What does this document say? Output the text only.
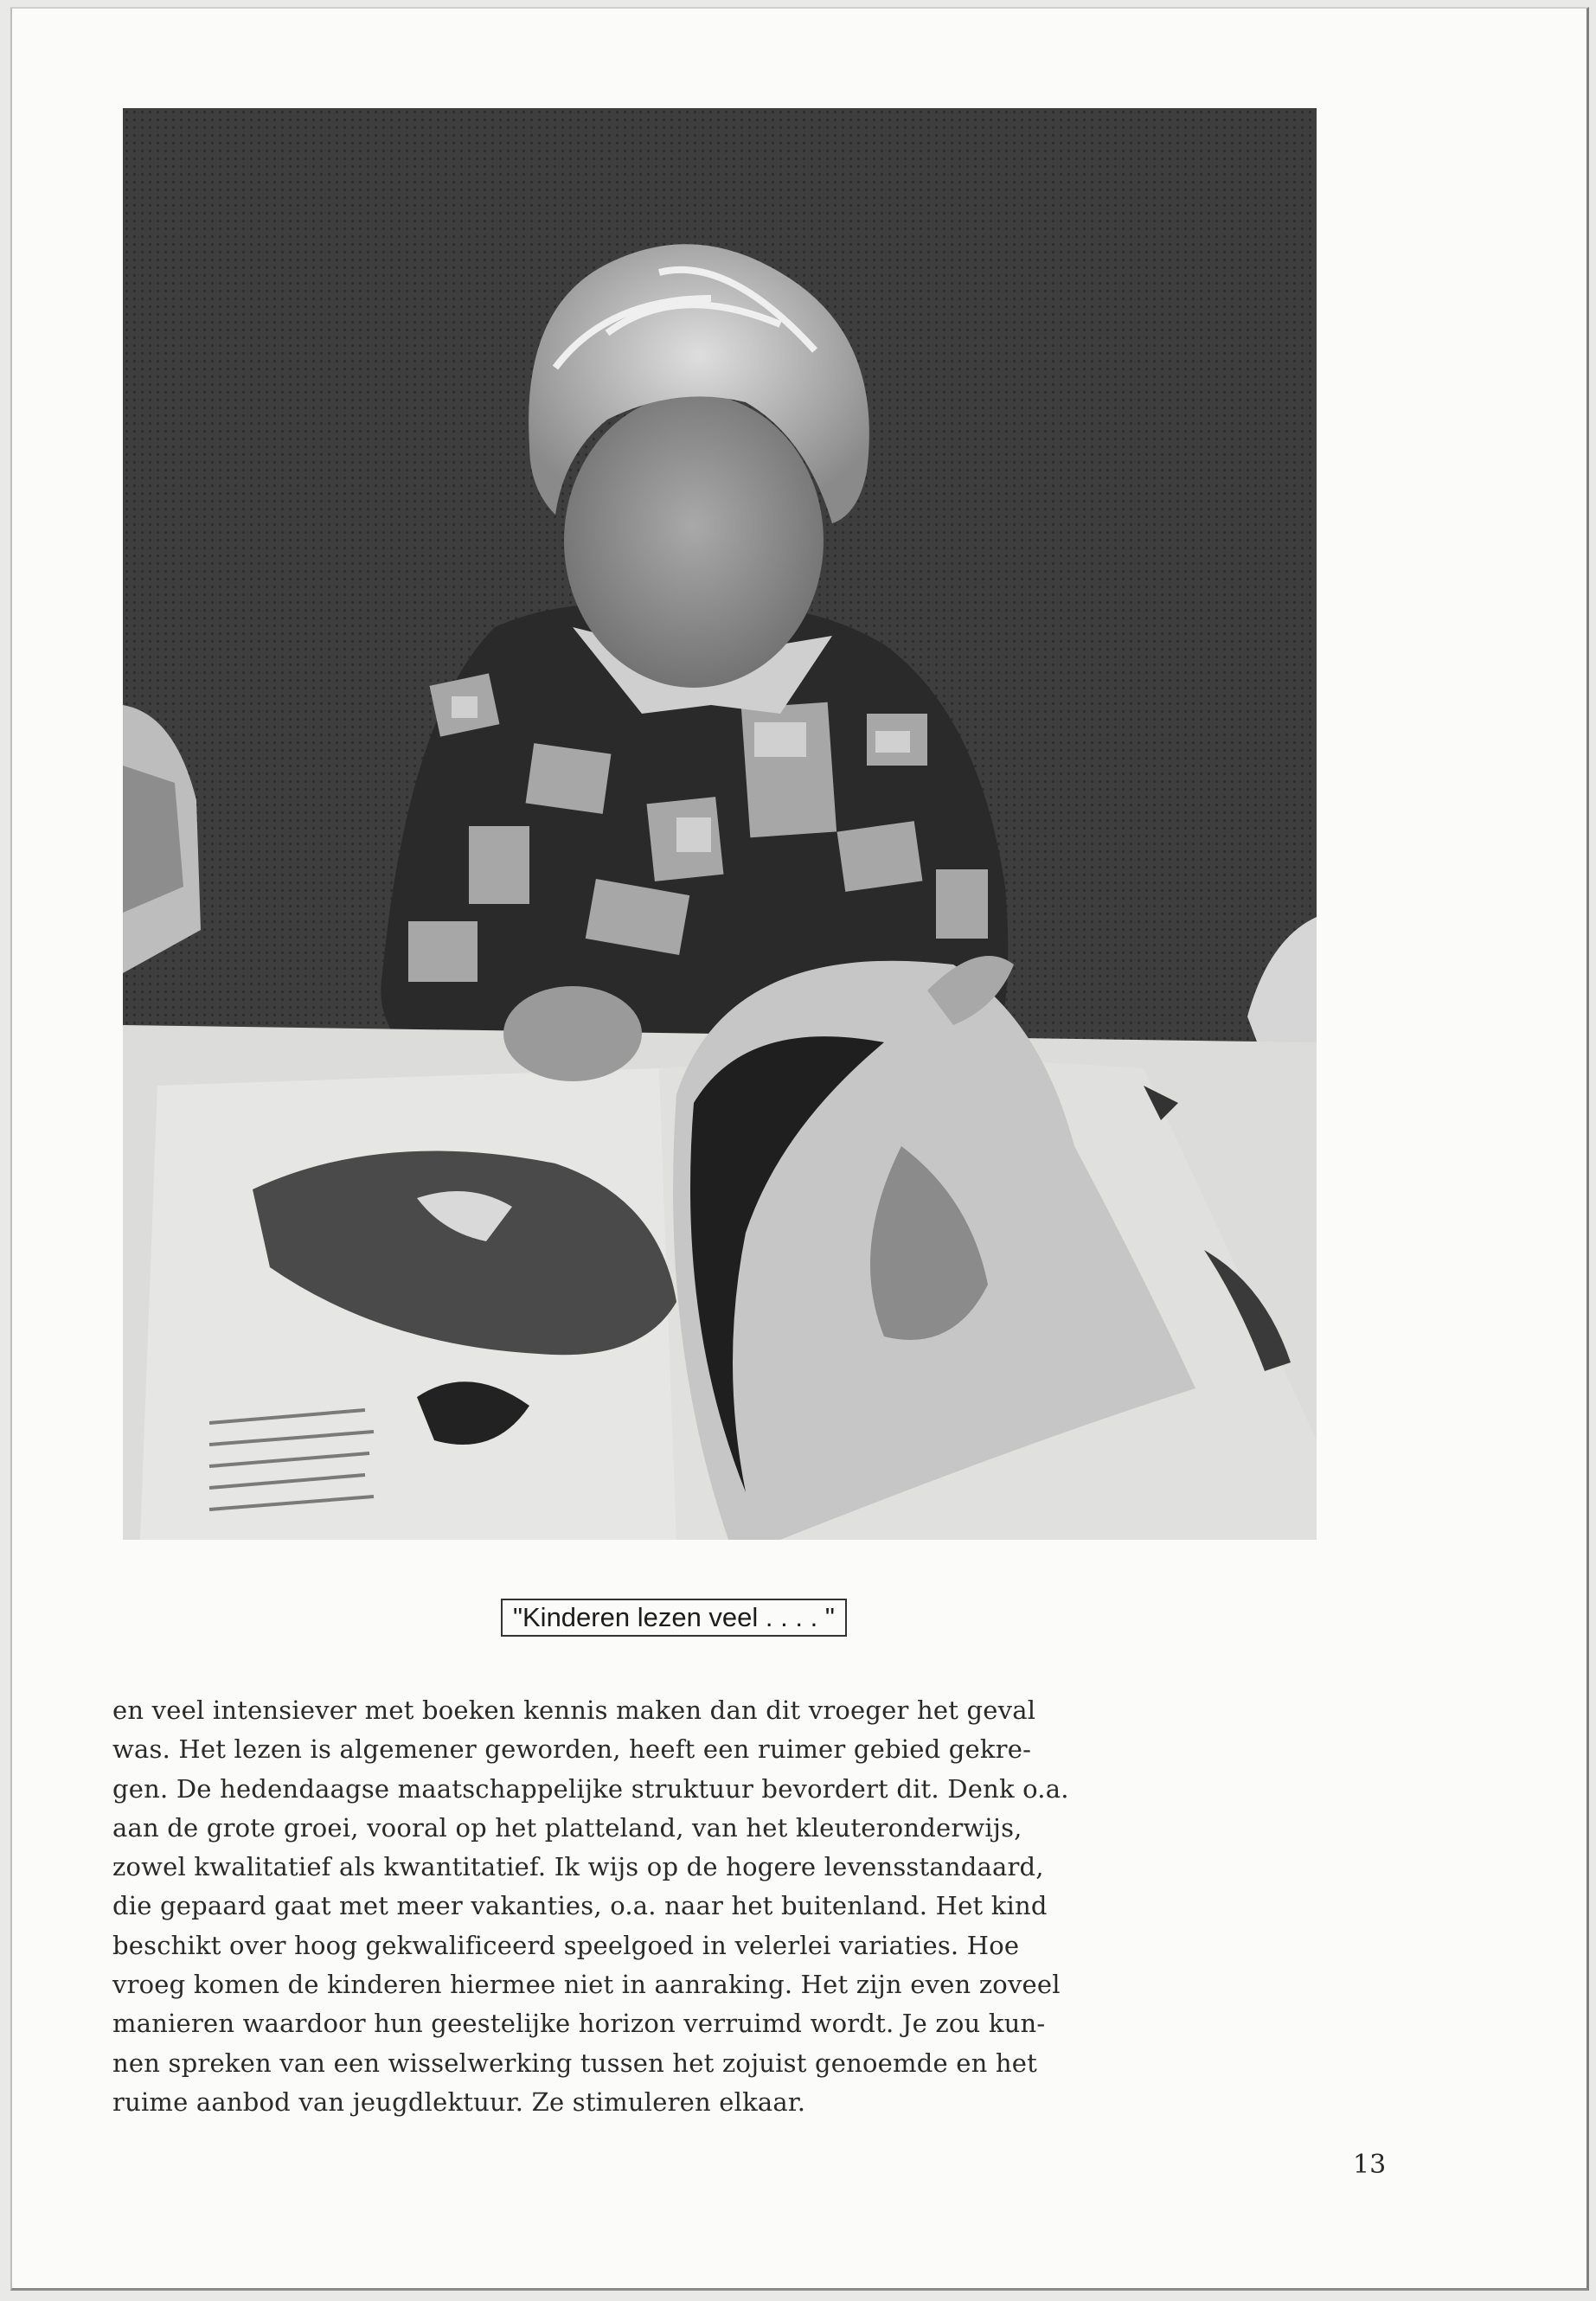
"Kinderen lezen veel . . . . "
en veel intensiever met boeken kennis maken dan dit vroeger het geval
was. Het lezen is algemener geworden, heeft een ruimer gebied gekre-
gen. De hedendaagse maatschappelijke struktuur bevordert dit. Denk o.a.
aan de grote groei, vooral op het platteland, van het kleuteronderwijs,
zowel kwalitatief als kwantitatief. Ik wijs op de hogere levensstandaard,
die gepaard gaat met meer vakanties, o.a. naar het buitenland. Het kind
beschikt over hoog gekwalificeerd speelgoed in velerlei variaties. Hoe
vroeg komen de kinderen hiermee niet in aanraking. Het zijn even zoveel
manieren waardoor hun geestelijke horizon verruimd wordt. Je zou kun-
nen spreken van een wisselwerking tussen het zojuist genoemde en het
ruime aanbod van jeugdlektuur. Ze stimuleren elkaar.
13
